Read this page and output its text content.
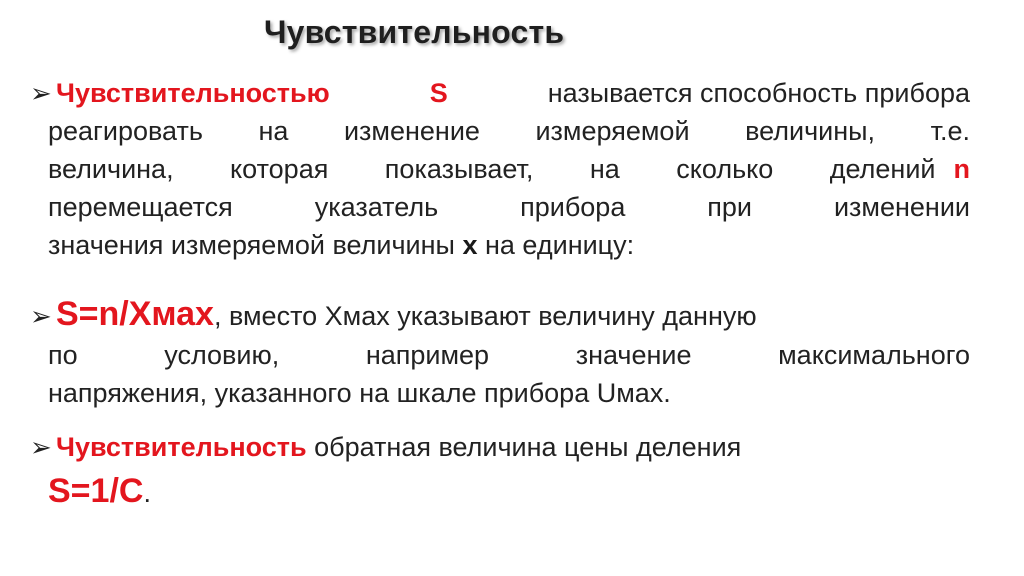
Чувствительность
➢ Чувствительностью	S	называется способность прибора
реагировать на изменение измеряемой величины, т.е.
величина, которая показывает, на сколько делений n
перемещается указатель прибора при изменении
значения измеряемой величины x на единицу:
➢ S=n/Xмах, вместо Xмах указывают величину данную
по условию, например значение максимального
напряжения, указанного на шкале прибора Uмах.
➢ Чувствительность обратная величина цены деления
S=1/C.
